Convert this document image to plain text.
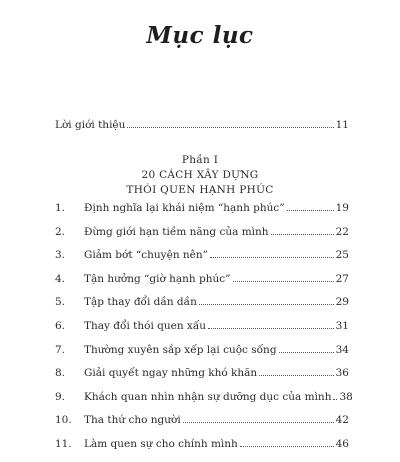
Mục lục
Lời giới thiệu	11
Phần I
20 CÁCH XÂY DỰNG
THÓI QUEN HẠNH PHÚC
1.	Định nghĩa lại khái niệm “hạnh phúc”	19
2.	Đừng giới hạn tiềm năng của mình	22
3.	Giảm bớt “chuyện nên”	25
4.	Tận hưởng “giờ hạnh phúc”	27
5.	Tập thay đổi dần dần	29
6.	Thay đổi thói quen xấu	31
7.	Thường xuyên sắp xếp lại cuộc sống	34
8.	Giải quyết ngay những khó khăn	36
9.	Khách quan nhìn nhận sự dưỡng dục của mình 38
10.	Tha thứ cho người	42
11.	Làm quen sự cho chính mình	46
